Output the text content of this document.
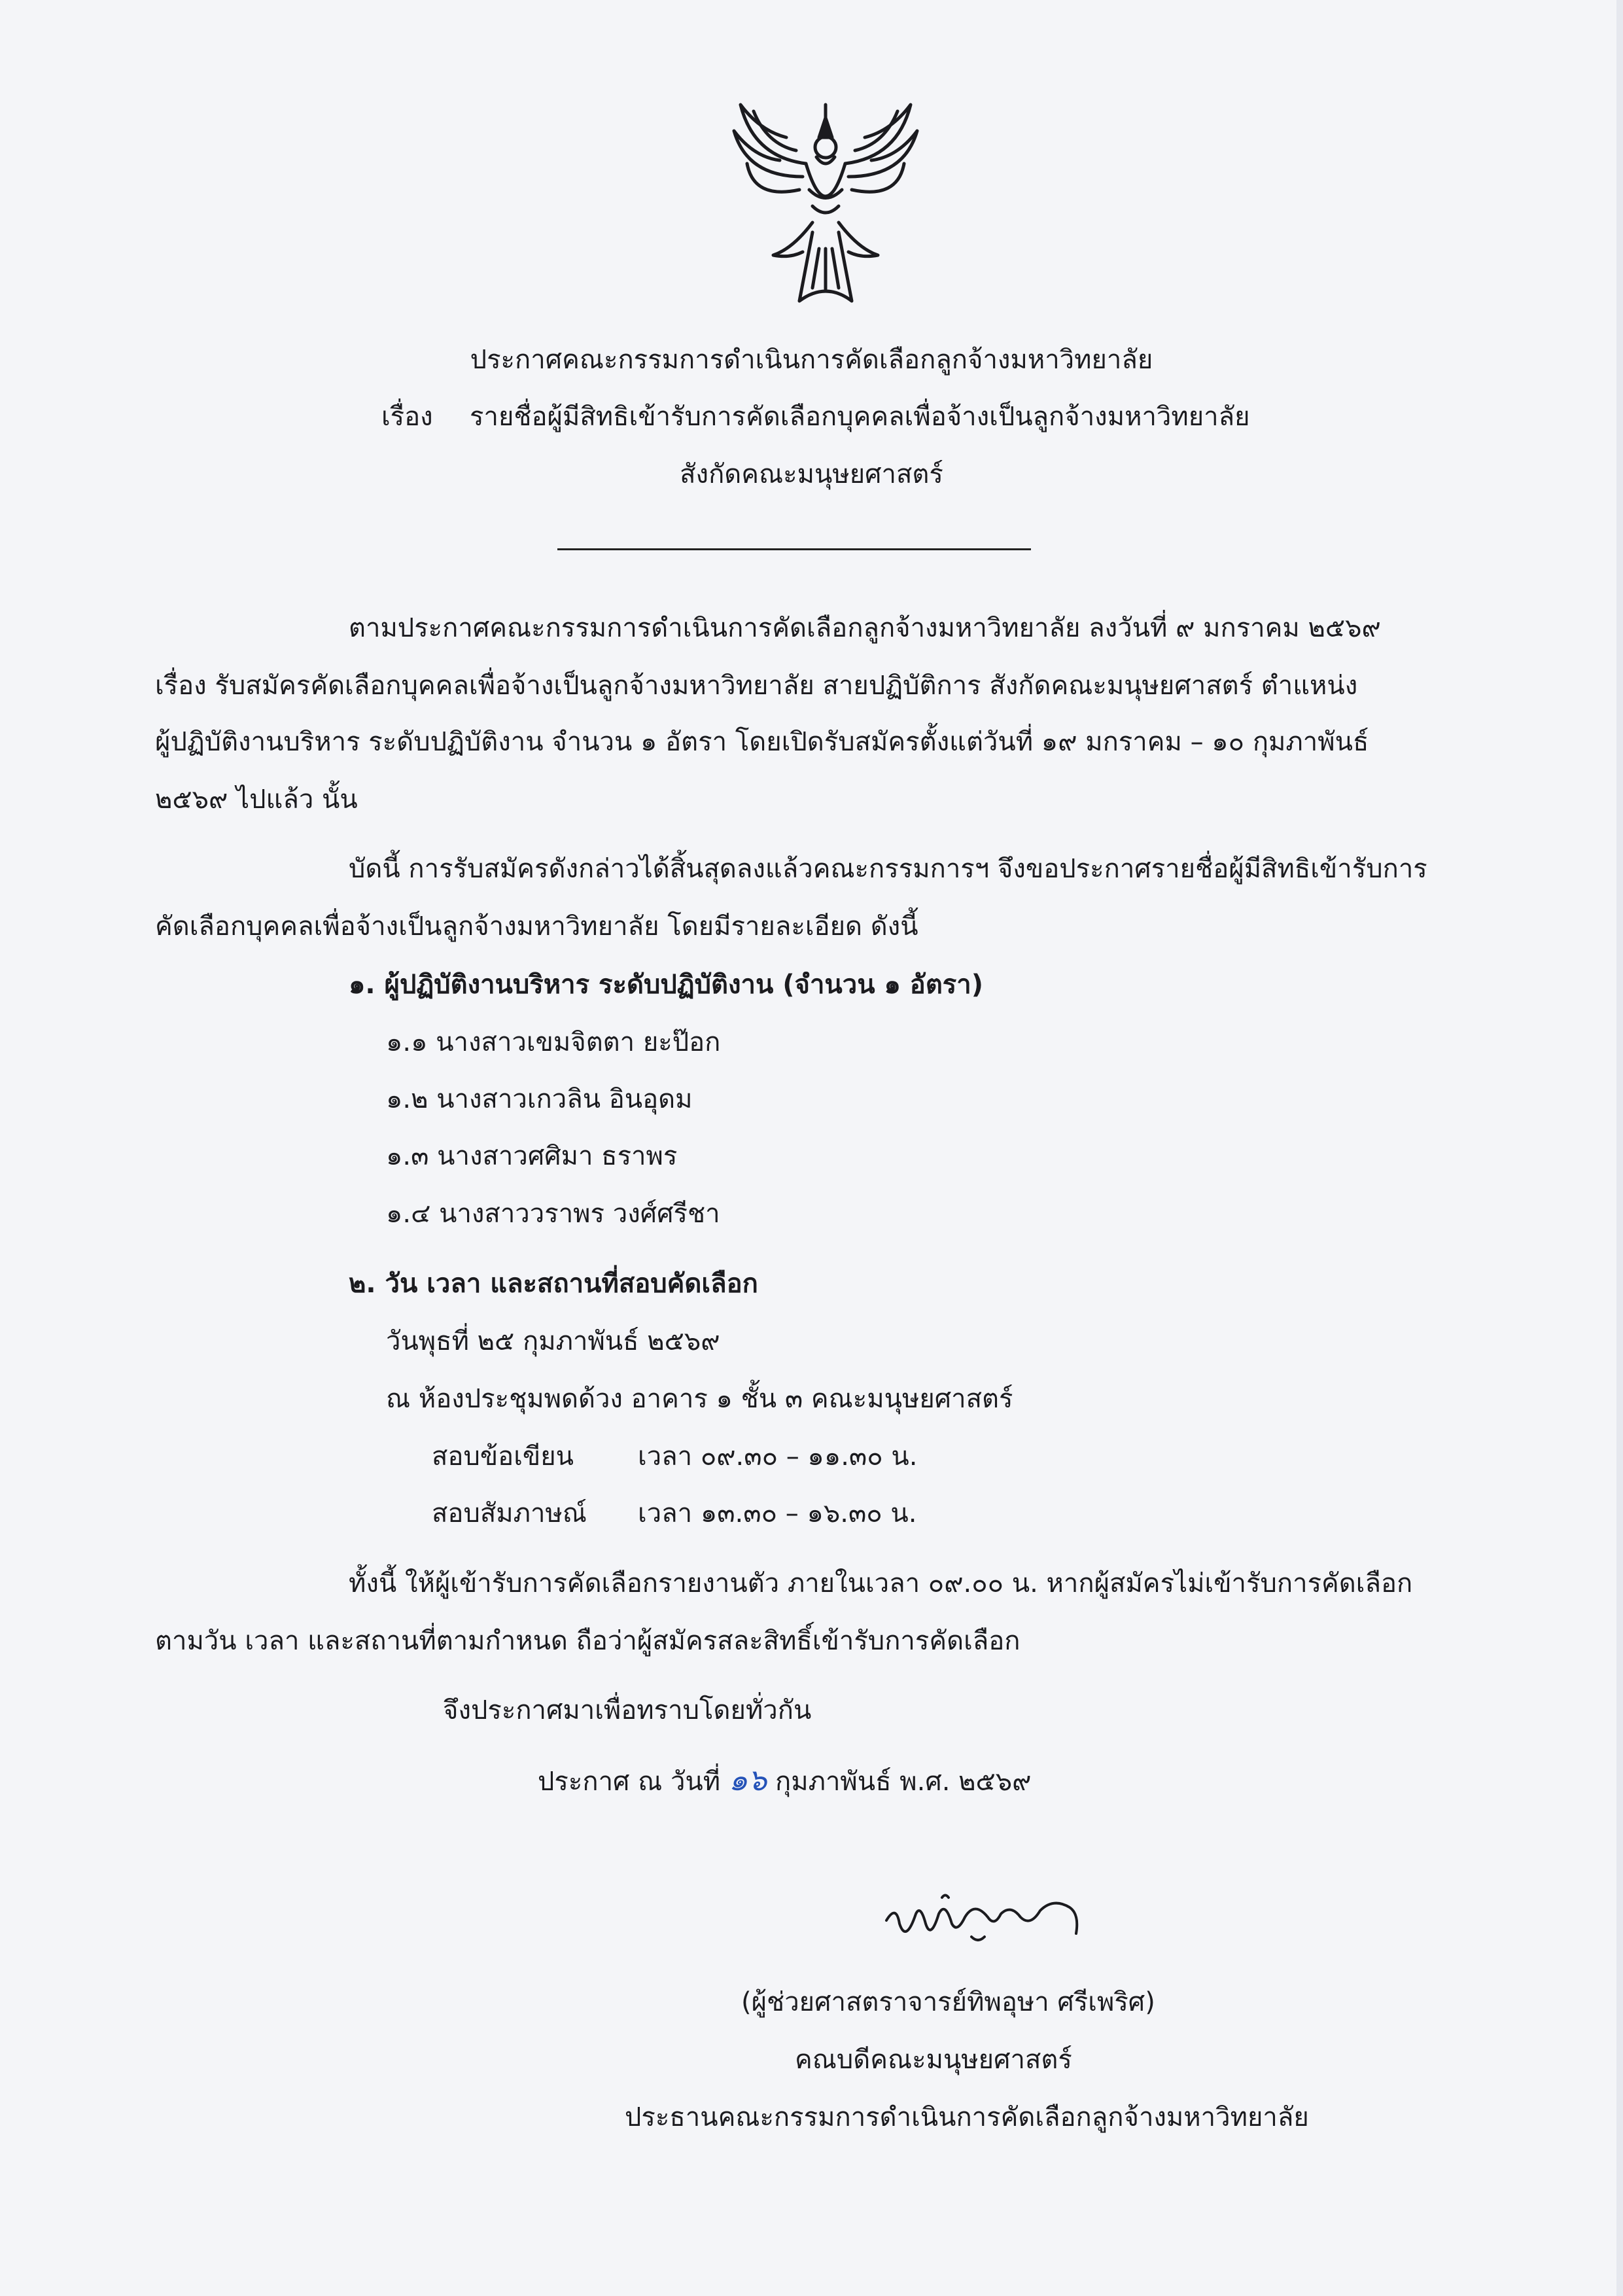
ประกาศคณะกรรมการดำเนินการคัดเลือกลูกจ้างมหาวิทยาลัย
เรื่อง รายชื่อผู้มีสิทธิเข้ารับการคัดเลือกบุคคลเพื่อจ้างเป็นลูกจ้างมหาวิทยาลัย
สังกัดคณะมนุษยศาสตร์
ตามประกาศคณะกรรมการดำเนินการคัดเลือกลูกจ้างมหาวิทยาลัย ลงวันที่ ๙ มกราคม ๒๕๖๙
เรื่อง รับสมัครคัดเลือกบุคคลเพื่อจ้างเป็นลูกจ้างมหาวิทยาลัย สายปฏิบัติการ สังกัดคณะมนุษยศาสตร์ ตำแหน่ง
ผู้ปฏิบัติงานบริหาร ระดับปฏิบัติงาน จำนวน ๑ อัตรา โดยเปิดรับสมัครตั้งแต่วันที่ ๑๙ มกราคม – ๑๐ กุมภาพันธ์
๒๕๖๙ ไปแล้ว นั้น
บัดนี้ การรับสมัครดังกล่าวได้สิ้นสุดลงแล้วคณะกรรมการฯ จึงขอประกาศรายชื่อผู้มีสิทธิเข้ารับการ
คัดเลือกบุคคลเพื่อจ้างเป็นลูกจ้างมหาวิทยาลัย โดยมีรายละเอียด ดังนี้
๑. ผู้ปฏิบัติงานบริหาร ระดับปฏิบัติงาน (จำนวน ๑ อัตรา)
๑.๑ นางสาวเขมจิตตา ยะป๊อก
๑.๒ นางสาวเกวลิน อินอุดม
๑.๓ นางสาวศศิมา ธราพร
๑.๔ นางสาววราพร วงศ์ศรีชา
๒. วัน เวลา และสถานที่สอบคัดเลือก
วันพุธที่ ๒๕ กุมภาพันธ์ ๒๕๖๙
ณ ห้องประชุมพดด้วง อาคาร ๑ ชั้น ๓ คณะมนุษยศาสตร์
สอบข้อเขียน เวลา ๐๙.๓๐ – ๑๑.๓๐ น.
สอบสัมภาษณ์ เวลา ๑๓.๓๐ – ๑๖.๓๐ น.
ทั้งนี้ ให้ผู้เข้ารับการคัดเลือกรายงานตัว ภายในเวลา ๐๙.๐๐ น. หากผู้สมัครไม่เข้ารับการคัดเลือก
ตามวัน เวลา และสถานที่ตามกำหนด ถือว่าผู้สมัครสละสิทธิ์เข้ารับการคัดเลือก
จึงประกาศมาเพื่อทราบโดยทั่วกัน
ประกาศ ณ วันที่ ๑๖ กุมภาพันธ์ พ.ศ. ๒๕๖๙
(ผู้ช่วยศาสตราจารย์ทิพอุษา ศรีเพริศ)
คณบดีคณะมนุษยศาสตร์
ประธานคณะกรรมการดำเนินการคัดเลือกลูกจ้างมหาวิทยาลัย
